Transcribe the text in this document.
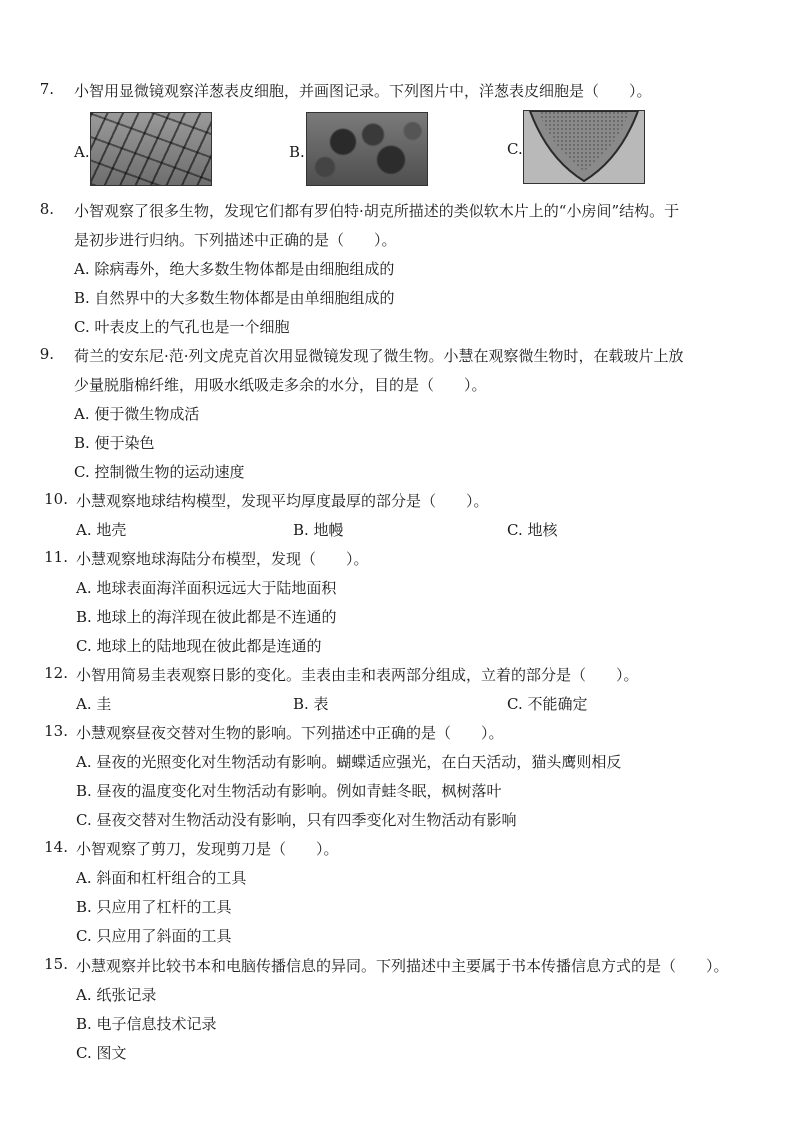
7. 小智用显微镜观察洋葱表皮细胞，并画图记录。下列图片中，洋葱表皮细胞是（　　）。
A.	B.	C.
8. 小智观察了很多生物，发现它们都有罗伯特·胡克所描述的类似软木片上的“小房间”结构。于
是初步进行归纳。下列描述中正确的是（　　）。
A. 除病毒外，绝大多数生物体都是由细胞组成的
B. 自然界中的大多数生物体都是由单细胞组成的
C. 叶表皮上的气孔也是一个细胞
9. 荷兰的安东尼·范·列文虎克首次用显微镜发现了微生物。小慧在观察微生物时，在载玻片上放
少量脱脂棉纤维，用吸水纸吸走多余的水分，目的是（　　）。
A. 便于微生物成活
B. 便于染色
C. 控制微生物的运动速度
10. 小慧观察地球结构模型，发现平均厚度最厚的部分是（　　）。
A. 地壳	B. 地幔	C. 地核
11. 小慧观察地球海陆分布模型，发现（　　）。
A. 地球表面海洋面积远远大于陆地面积
B. 地球上的海洋现在彼此都是不连通的
C. 地球上的陆地现在彼此都是连通的
12. 小智用简易圭表观察日影的变化。圭表由圭和表两部分组成，立着的部分是（　　）。
A. 圭	B. 表	C. 不能确定
13. 小慧观察昼夜交替对生物的影响。下列描述中正确的是（　　）。
A. 昼夜的光照变化对生物活动有影响。蝴蝶适应强光，在白天活动，猫头鹰则相反
B. 昼夜的温度变化对生物活动有影响。例如青蛙冬眠，枫树落叶
C. 昼夜交替对生物活动没有影响，只有四季变化对生物活动有影响
14. 小智观察了剪刀，发现剪刀是（　　）。
A. 斜面和杠杆组合的工具
B. 只应用了杠杆的工具
C. 只应用了斜面的工具
15. 小慧观察并比较书本和电脑传播信息的异同。下列描述中主要属于书本传播信息方式的是（　　）。
A. 纸张记录
B. 电子信息技术记录
C. 图文
